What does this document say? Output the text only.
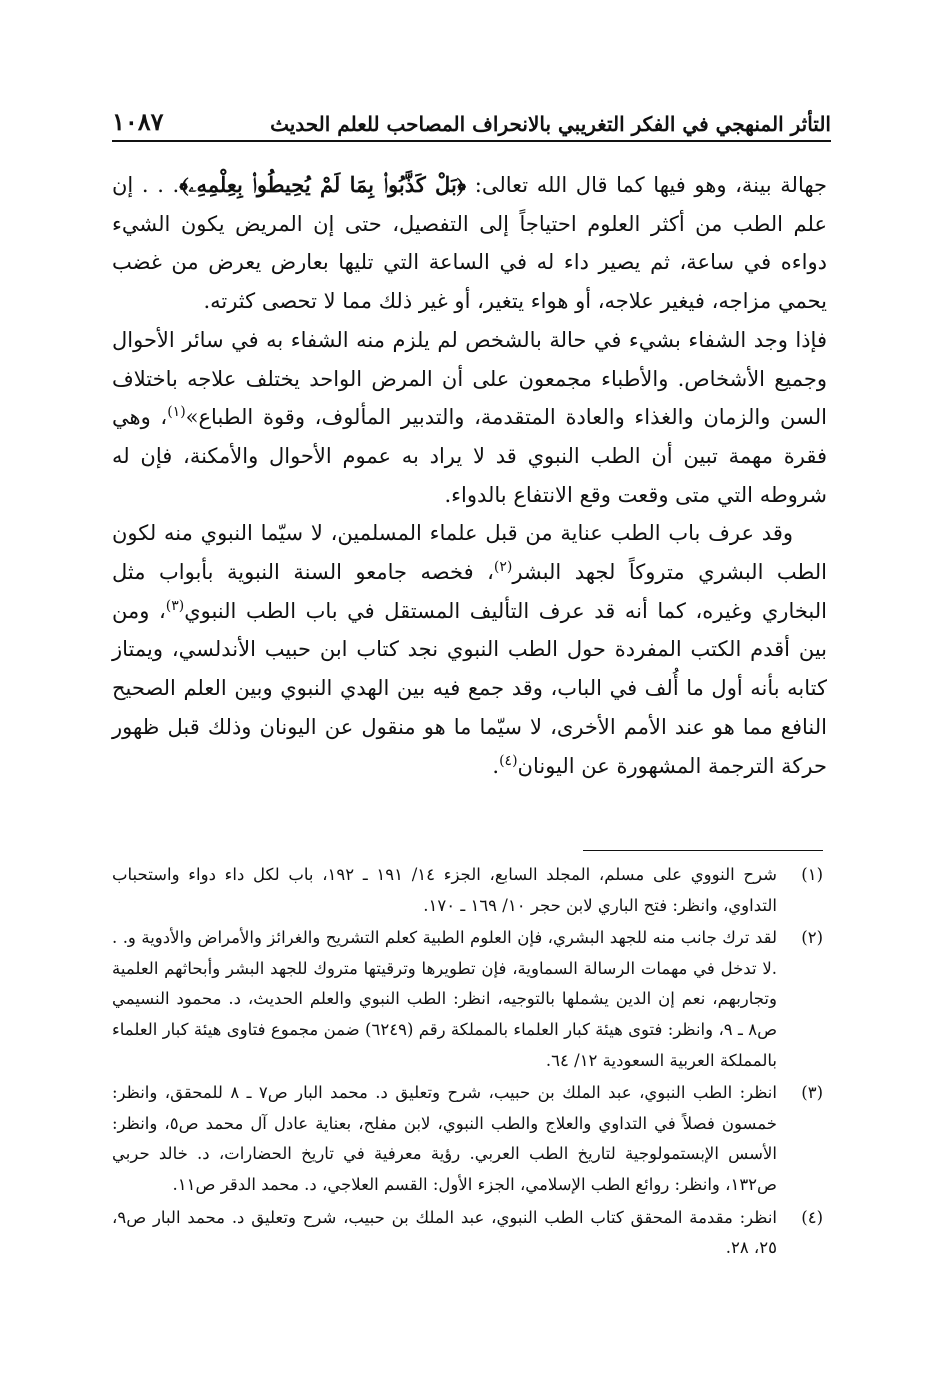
التأثر المنهجي في الفكر التغريبي بالانحراف المصاحب للعلم الحديث
١٠٨٧

جهالة بينة، وهو فيها كما قال الله تعالى: ﴿بَلْ كَذَّبُوا۟ بِمَا لَمْ يُحِيطُوا۟ بِعِلْمِهِۦ﴾. . . إن علم الطب من أكثر العلوم احتياجاً إلى التفصيل، حتى إن المريض يكون الشيء دواءه في ساعة، ثم يصير داء له في الساعة التي تليها بعارض يعرض من غضب يحمي مزاجه، فيغير علاجه، أو هواء يتغير، أو غير ذلك مما لا تحصى كثرته.

فإذا وجد الشفاء بشيء في حالة بالشخص لم يلزم منه الشفاء به في سائر الأحوال وجميع الأشخاص. والأطباء مجمعون على أن المرض الواحد يختلف علاجه باختلاف السن والزمان والغذاء والعادة المتقدمة، والتدبير المألوف، وقوة الطباع»$^{(١)}$، وهي فقرة مهمة تبين أن الطب النبوي قد لا يراد به عموم الأحوال والأمكنة، فإن له شروطه التي متى وقعت وقع الانتفاع بالدواء.

وقد عرف باب الطب عناية من قبل علماء المسلمين، لا سيّما النبوي منه لكون الطب البشري متروكاً لجهد البشر$^{(٢)}$، فخصه جامعو السنة النبوية بأبواب مثل البخاري وغيره، كما أنه قد عرف التأليف المستقل في باب الطب النبوي$^{(٣)}$، ومن بين أقدم الكتب المفردة حول الطب النبوي نجد كتاب ابن حبيب الأندلسي، ويمتاز كتابه بأنه أول ما أُلف في الباب، وقد جمع فيه بين الهدي النبوي وبين العلم الصحيح النافع مما هو عند الأمم الأخرى، لا سيّما ما هو منقول عن اليونان وذلك قبل ظهور حركة الترجمة المشهورة عن اليونان$^{(٤)}$.

(١)
شرح النووي على مسلم، المجلد السابع، الجزء ١٤/ ١٩١ ـ ١٩٢، باب لكل داء دواء واستحباب التداوي، وانظر: فتح الباري لابن حجر ١٠/ ١٦٩ ـ ١٧٠.
(٢)
لقد ترك جانب منه للجهد البشري، فإن العلوم الطبية كعلم التشريح والغرائز والأمراض والأدوية و. . .لا تدخل في مهمات الرسالة السماوية، فإن تطويرها وترقيتها متروك للجهد البشر وأبحاثهم العلمية وتجاربهم، نعم إن الدين يشملها بالتوجيه، انظر: الطب النبوي والعلم الحديث، د. محمود النسيمي ص٨ ـ ٩، وانظر: فتوى هيئة كبار العلماء بالمملكة رقم (٦٢٤٩) ضمن مجموع فتاوى هيئة كبار العلماء بالمملكة العربية السعودية ١٢/ ٦٤.
(٣)
انظر: الطب النبوي، عبد الملك بن حبيب، شرح وتعليق د. محمد البار ص٧ ـ ٨ للمحقق، وانظر: خمسون فصلاً في التداوي والعلاج والطب النبوي، لابن مفلح، بعناية عادل آل محمد ص٥، وانظر: الأسس الإبستمولوجية لتاريخ الطب العربي. رؤية معرفية في تاريخ الحضارات، د. خالد حربي ص١٣٢، وانظر: روائع الطب الإسلامي، الجزء الأول: القسم العلاجي، د. محمد الدقر ص١١.
(٤)
انظر: مقدمة المحقق كتاب الطب النبوي، عبد الملك بن حبيب، شرح وتعليق د. محمد البار ص٩، ٢٥، ٢٨.
